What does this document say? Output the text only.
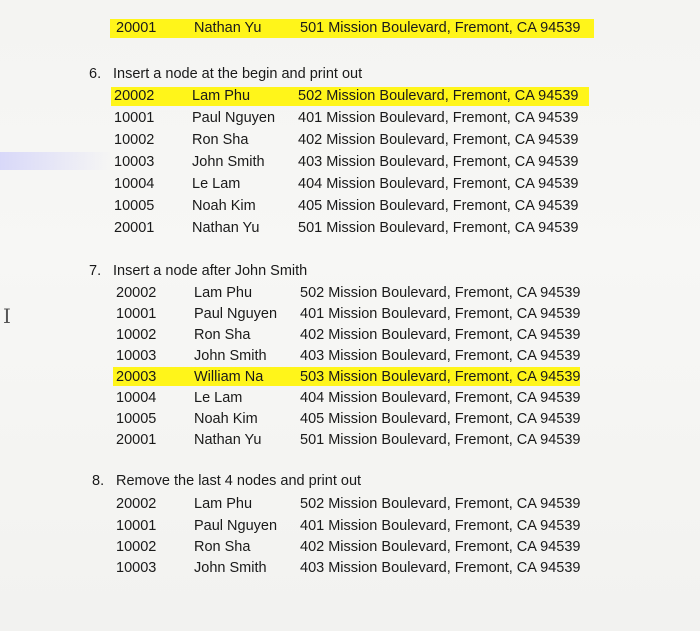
I
20001	Nathan Yu	501 Mission Boulevard, Fremont, CA 94539
6. Insert a node at the begin and print out
20002	Lam Phu	502 Mission Boulevard, Fremont, CA 94539
10001	Paul Nguyen 401 Mission Boulevard, Fremont, CA 94539
10002	Ron Sha	402 Mission Boulevard, Fremont, CA 94539
10003	John Smith 403 Mission Boulevard, Fremont, CA 94539
10004	Le Lam	404 Mission Boulevard, Fremont, CA 94539
10005	Noah Kim	405 Mission Boulevard, Fremont, CA 94539
20001	Nathan Yu	501 Mission Boulevard, Fremont, CA 94539
7. Insert a node after John Smith
20002	Lam Phu	502 Mission Boulevard, Fremont, CA 94539
10001	Paul Nguyen 401 Mission Boulevard, Fremont, CA 94539
10002	Ron Sha	402 Mission Boulevard, Fremont, CA 94539
10003	John Smith 403 Mission Boulevard, Fremont, CA 94539
20003	William Na	503 Mission Boulevard, Fremont, CA 94539
10004	Le Lam	404 Mission Boulevard, Fremont, CA 94539
10005	Noah Kim	405 Mission Boulevard, Fremont, CA 94539
20001	Nathan Yu	501 Mission Boulevard, Fremont, CA 94539
8. Remove the last 4 nodes and print out
20002	Lam Phu	502 Mission Boulevard, Fremont, CA 94539
10001	Paul Nguyen 401 Mission Boulevard, Fremont, CA 94539
10002	Ron Sha	402 Mission Boulevard, Fremont, CA 94539
10003	John Smith 403 Mission Boulevard, Fremont, CA 94539
